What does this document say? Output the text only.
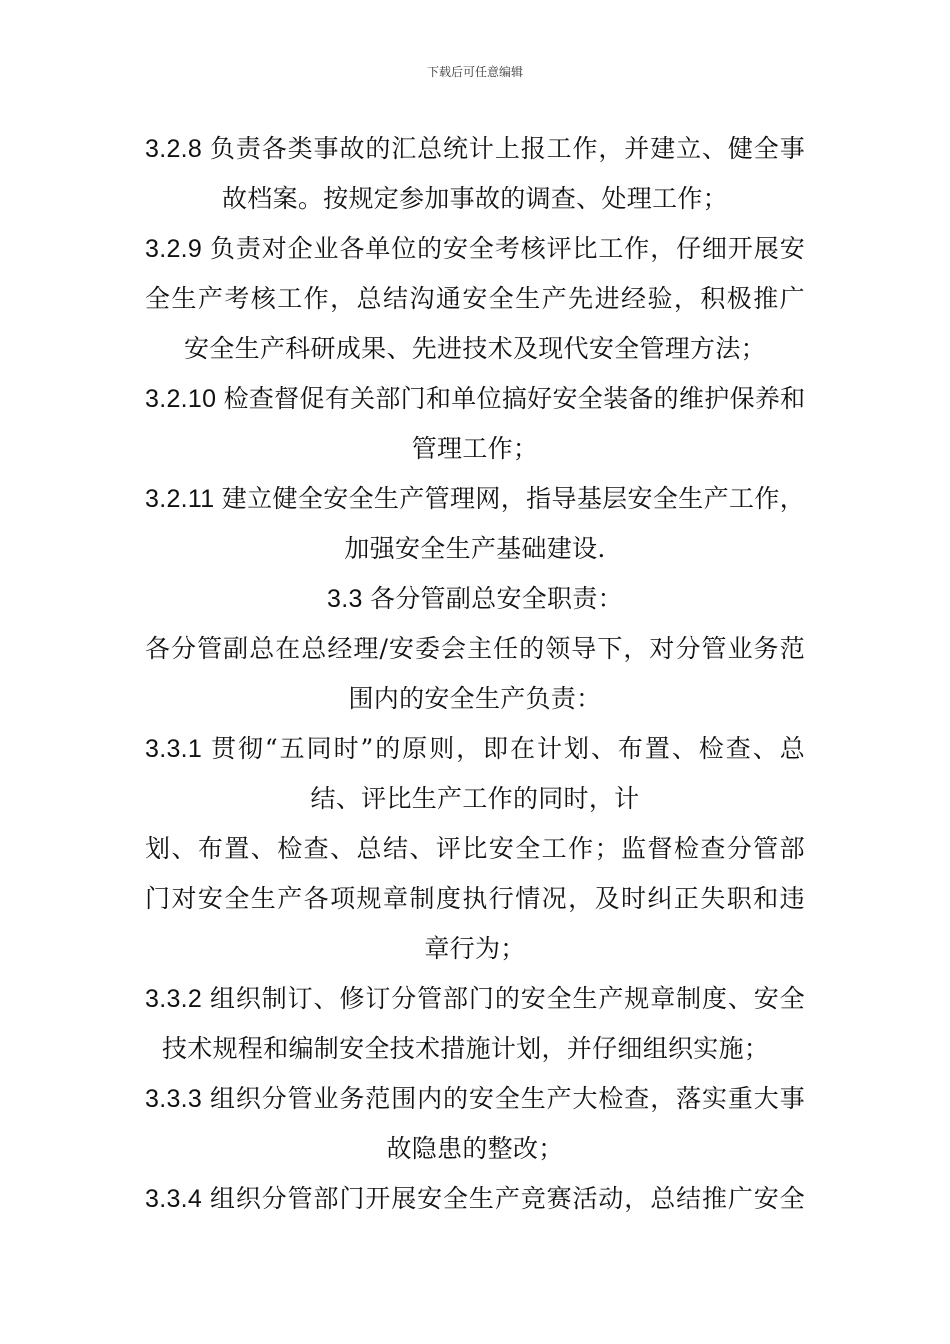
下载后可任意编辑
3.2.8 负责各类事故的汇总统计上报工作，并建立、健全事
故档案。按规定参加事故的调查、处理工作；
3.2.9 负责对企业各单位的安全考核评比工作，仔细开展安
全生产考核工作，总结沟通安全生产先进经验，积极推广
安全生产科研成果、先进技术及现代安全管理方法；
3.2.10 检查督促有关部门和单位搞好安全装备的维护保养和
管理工作；
3.2.11 建立健全安全生产管理网，指导基层安全生产工作，
加强安全生产基础建设.
3.3 各分管副总安全职责：
各分管副总在总经理/安委会主任的领导下，对分管业务范
围内的安全生产负责：
3.3.1 贯彻“五同时”的原则，即在计划、布置、检查、总
结、评比生产工作的同时，计
划、布置、检查、总结、评比安全工作；监督检查分管部
门对安全生产各项规章制度执行情况，及时纠正失职和违
章行为；
3.3.2 组织制订、修订分管部门的安全生产规章制度、安全
技术规程和编制安全技术措施计划，并仔细组织实施；
3.3.3 组织分管业务范围内的安全生产大检查，落实重大事
故隐患的整改；
3.3.4 组织分管部门开展安全生产竞赛活动，总结推广安全
